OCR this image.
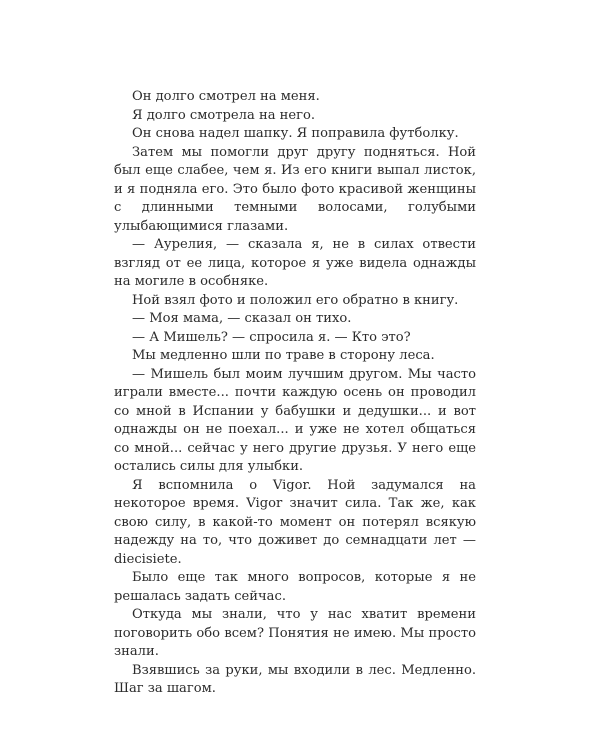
Он долго смотрел на меня.

Я долго смотрела на него.

Он снова надел шапку. Я поправила футболку.

Затем мы помогли друг другу подняться. Ной был еще слабее, чем я. Из его книги выпал листок, и я подняла его. Это было фото красивой женщины с длинными темными волосами, голубыми улыбающимися глазами.

— Аурелия, — сказала я, не в силах отвести взгляд от ее лица, которое я уже видела однажды на могиле в особняке.

Ной взял фото и положил его обратно в книгу.

— Моя мама, — сказал он тихо.

— А Мишель? — спросила я. — Кто это?

Мы медленно шли по траве в сторону леса.

— Мишель был моим лучшим другом. Мы часто играли вместе... почти каждую осень он проводил со мной в Испании у бабушки и дедушки... и вот однажды он не поехал... и уже не хотел общаться со мной... сейчас у него другие друзья. У него еще остались силы для улыбки.

Я вспомнила о Vigor. Ной задумался на некоторое время. Vigor значит сила. Так же, как свою силу, в какой-то момент он потерял всякую надежду на то, что доживет до семнадцати лет — diecisiete.

Было еще так много вопросов, которые я не решалась задать сейчас.

Откуда мы знали, что у нас хватит времени поговорить обо всем? Понятия не имею. Мы просто знали.

Взявшись за руки, мы входили в лес. Медленно. Шаг за шагом.
